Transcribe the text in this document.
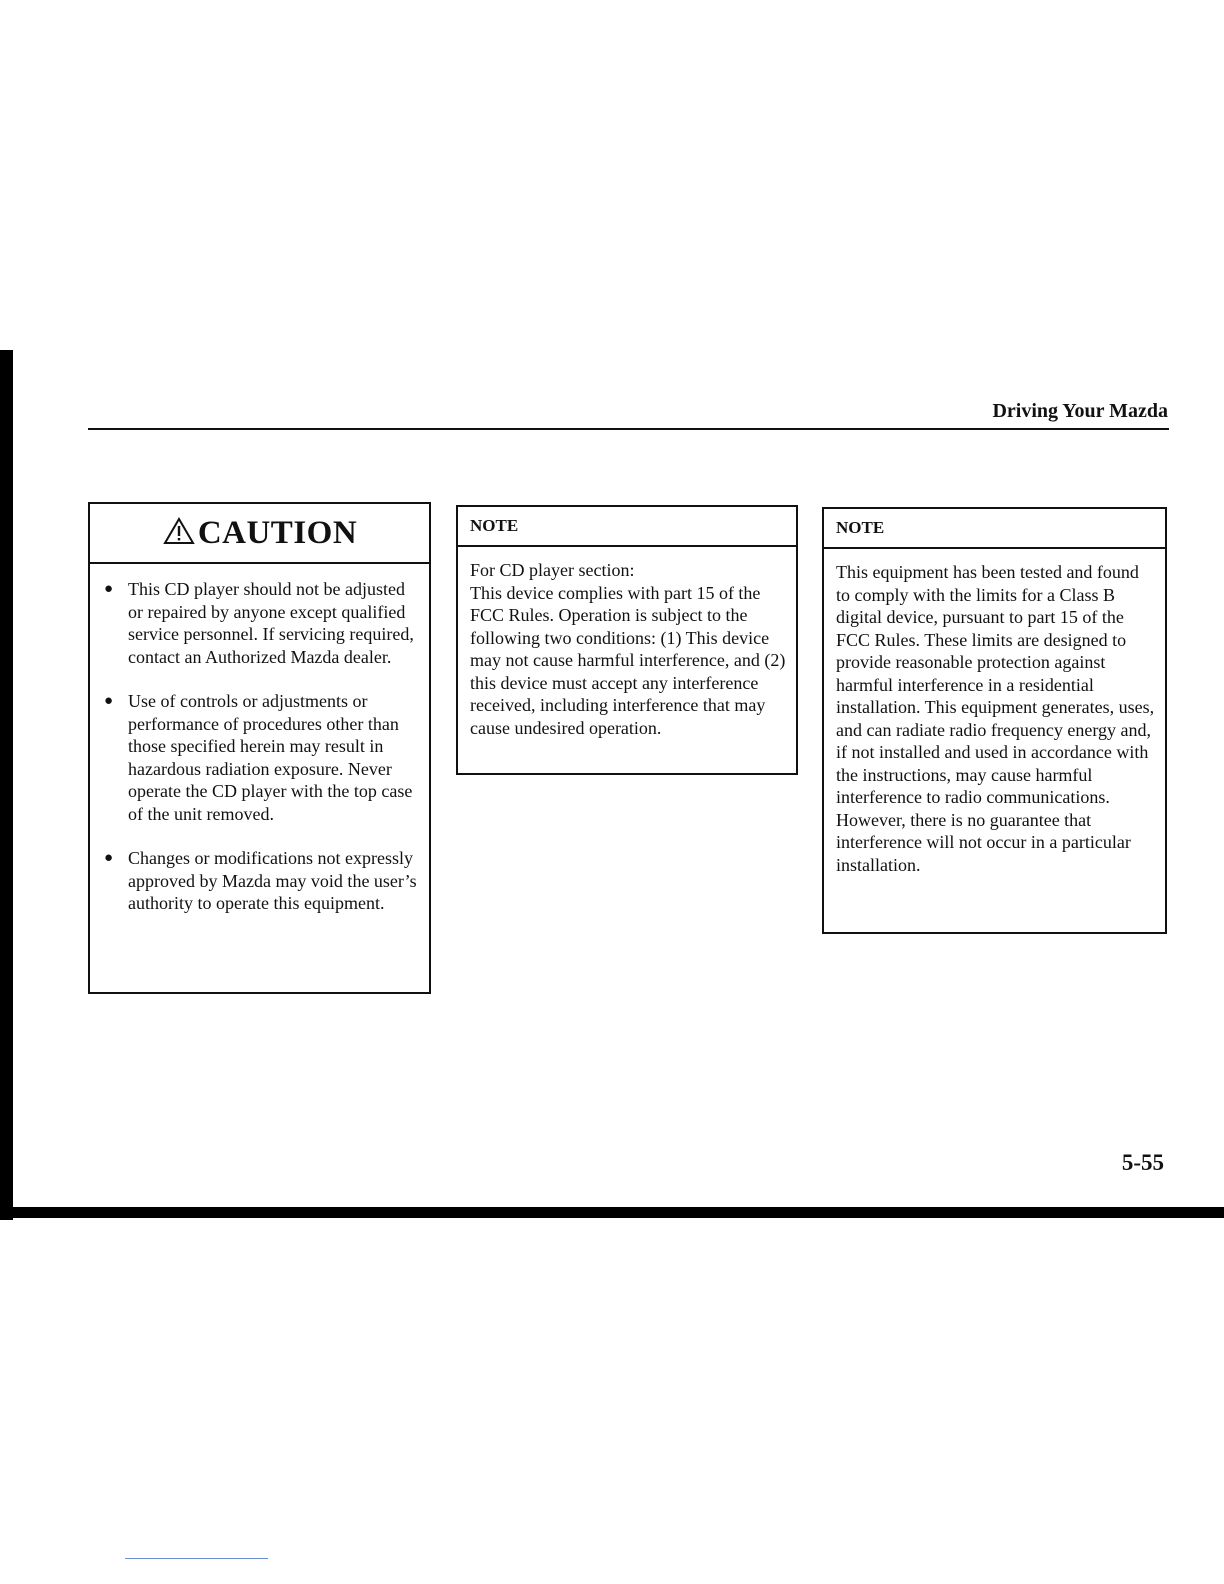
Driving Your Mazda
CAUTION
● This CD player should not be adjusted or repaired by anyone except qualified service personnel. If servicing required, contact an Authorized Mazda dealer.
● Use of controls or adjustments or performance of procedures other than those specified herein may result in hazardous radiation exposure. Never operate the CD player with the top case of the unit removed.
● Changes or modifications not expressly approved by Mazda may void the user’s authority to operate this equipment.
NOTE

For CD player section:

This device complies with part 15 of the FCC Rules. Operation is subject to the following two conditions: (1) This device may not cause harmful interference, and (2) this device must accept any interference received, including interference that may cause undesired operation.

NOTE

This equipment has been tested and found to comply with the limits for a Class B digital device, pursuant to part 15 of the FCC Rules. These limits are designed to provide reasonable protection against harmful interference in a residential installation. This equipment generates, uses, and can radiate radio frequency energy and, if not installed and used in accordance with the instructions, may cause harmful interference to radio communications. However, there is no guarantee that interference will not occur in a particular installation.

5-55
